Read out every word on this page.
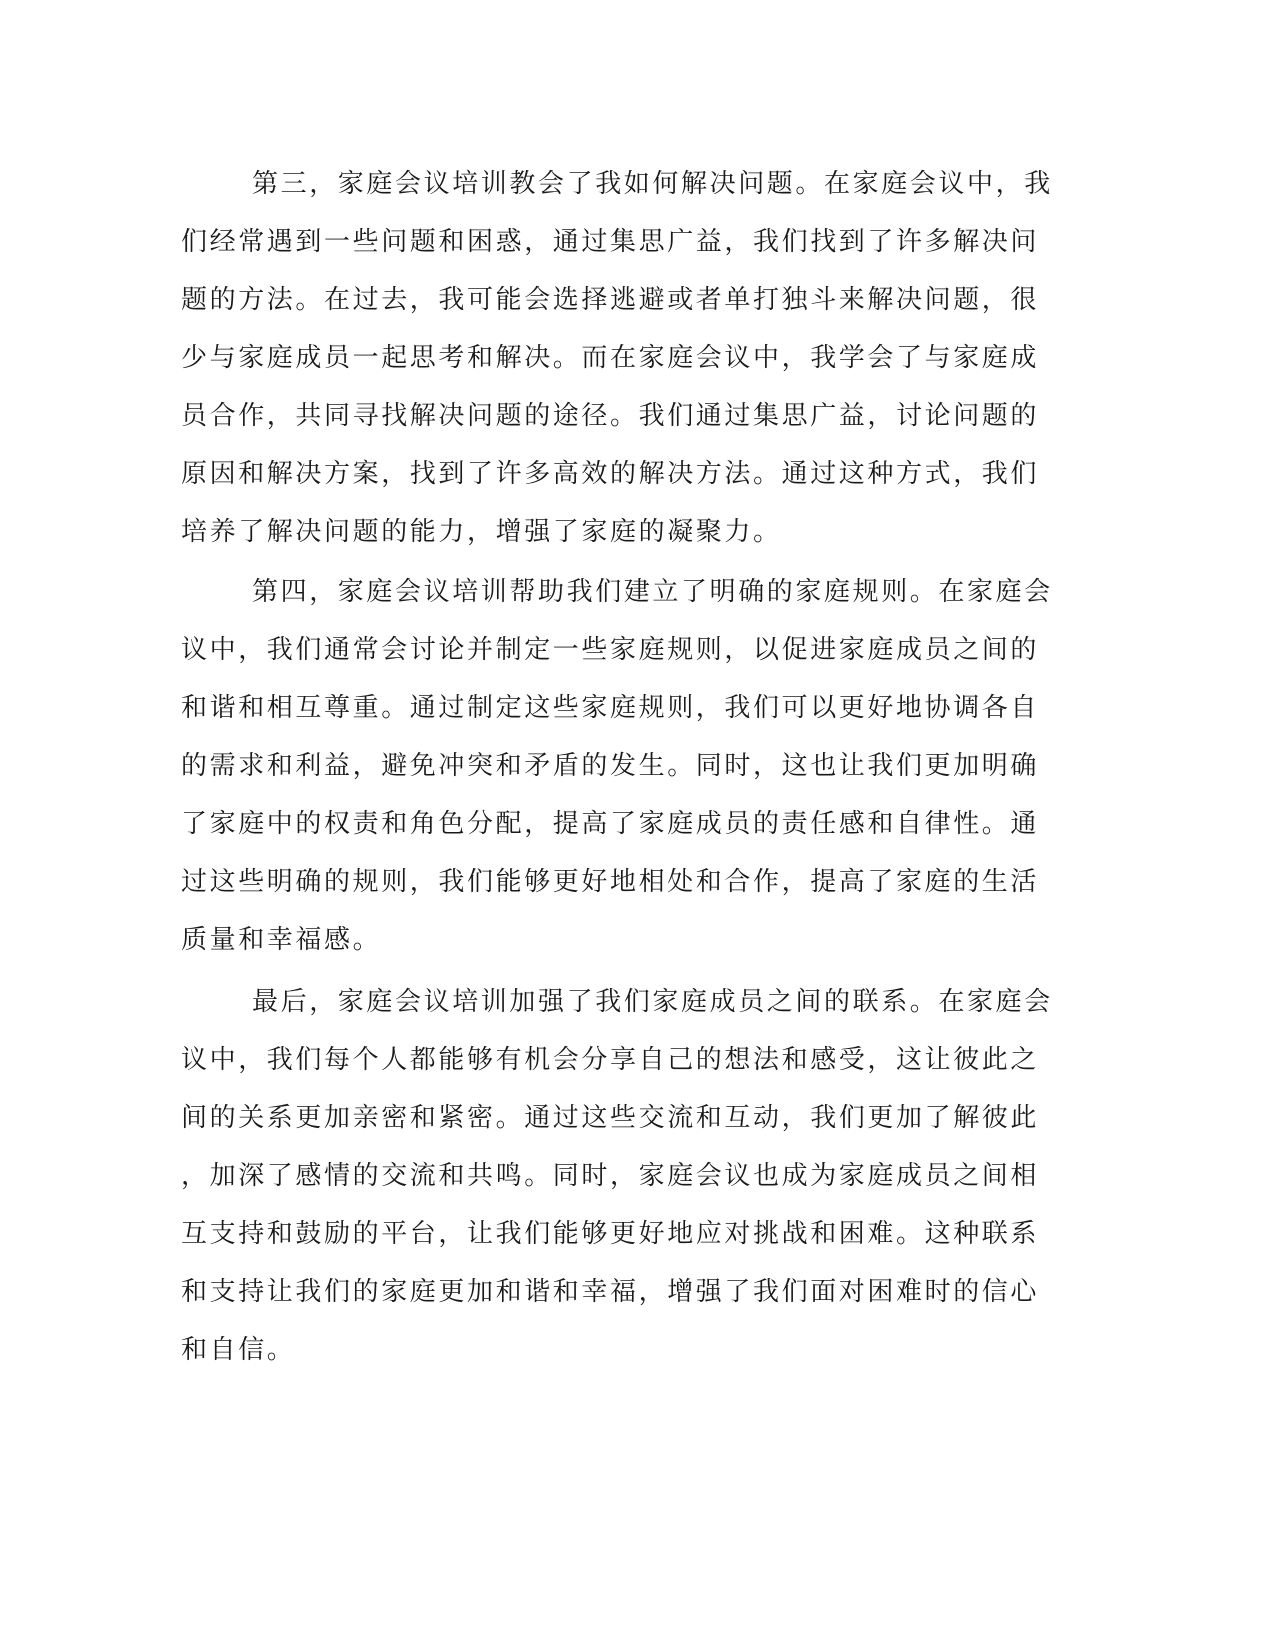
第三，家庭会议培训教会了我如何解决问题。在家庭会议中，我
们经常遇到一些问题和困惑，通过集思广益，我们找到了许多解决问
题的方法。在过去，我可能会选择逃避或者单打独斗来解决问题，很
少与家庭成员一起思考和解决。而在家庭会议中，我学会了与家庭成
员合作，共同寻找解决问题的途径。我们通过集思广益，讨论问题的
原因和解决方案，找到了许多高效的解决方法。通过这种方式，我们
培养了解决问题的能力，增强了家庭的凝聚力。
第四，家庭会议培训帮助我们建立了明确的家庭规则。在家庭会
议中，我们通常会讨论并制定一些家庭规则，以促进家庭成员之间的
和谐和相互尊重。通过制定这些家庭规则，我们可以更好地协调各自
的需求和利益，避免冲突和矛盾的发生。同时，这也让我们更加明确
了家庭中的权责和角色分配，提高了家庭成员的责任感和自律性。通
过这些明确的规则，我们能够更好地相处和合作，提高了家庭的生活
质量和幸福感。
最后，家庭会议培训加强了我们家庭成员之间的联系。在家庭会
议中，我们每个人都能够有机会分享自己的想法和感受，这让彼此之
间的关系更加亲密和紧密。通过这些交流和互动，我们更加了解彼此
，加深了感情的交流和共鸣。同时，家庭会议也成为家庭成员之间相
互支持和鼓励的平台，让我们能够更好地应对挑战和困难。这种联系
和支持让我们的家庭更加和谐和幸福，增强了我们面对困难时的信心
和自信。
